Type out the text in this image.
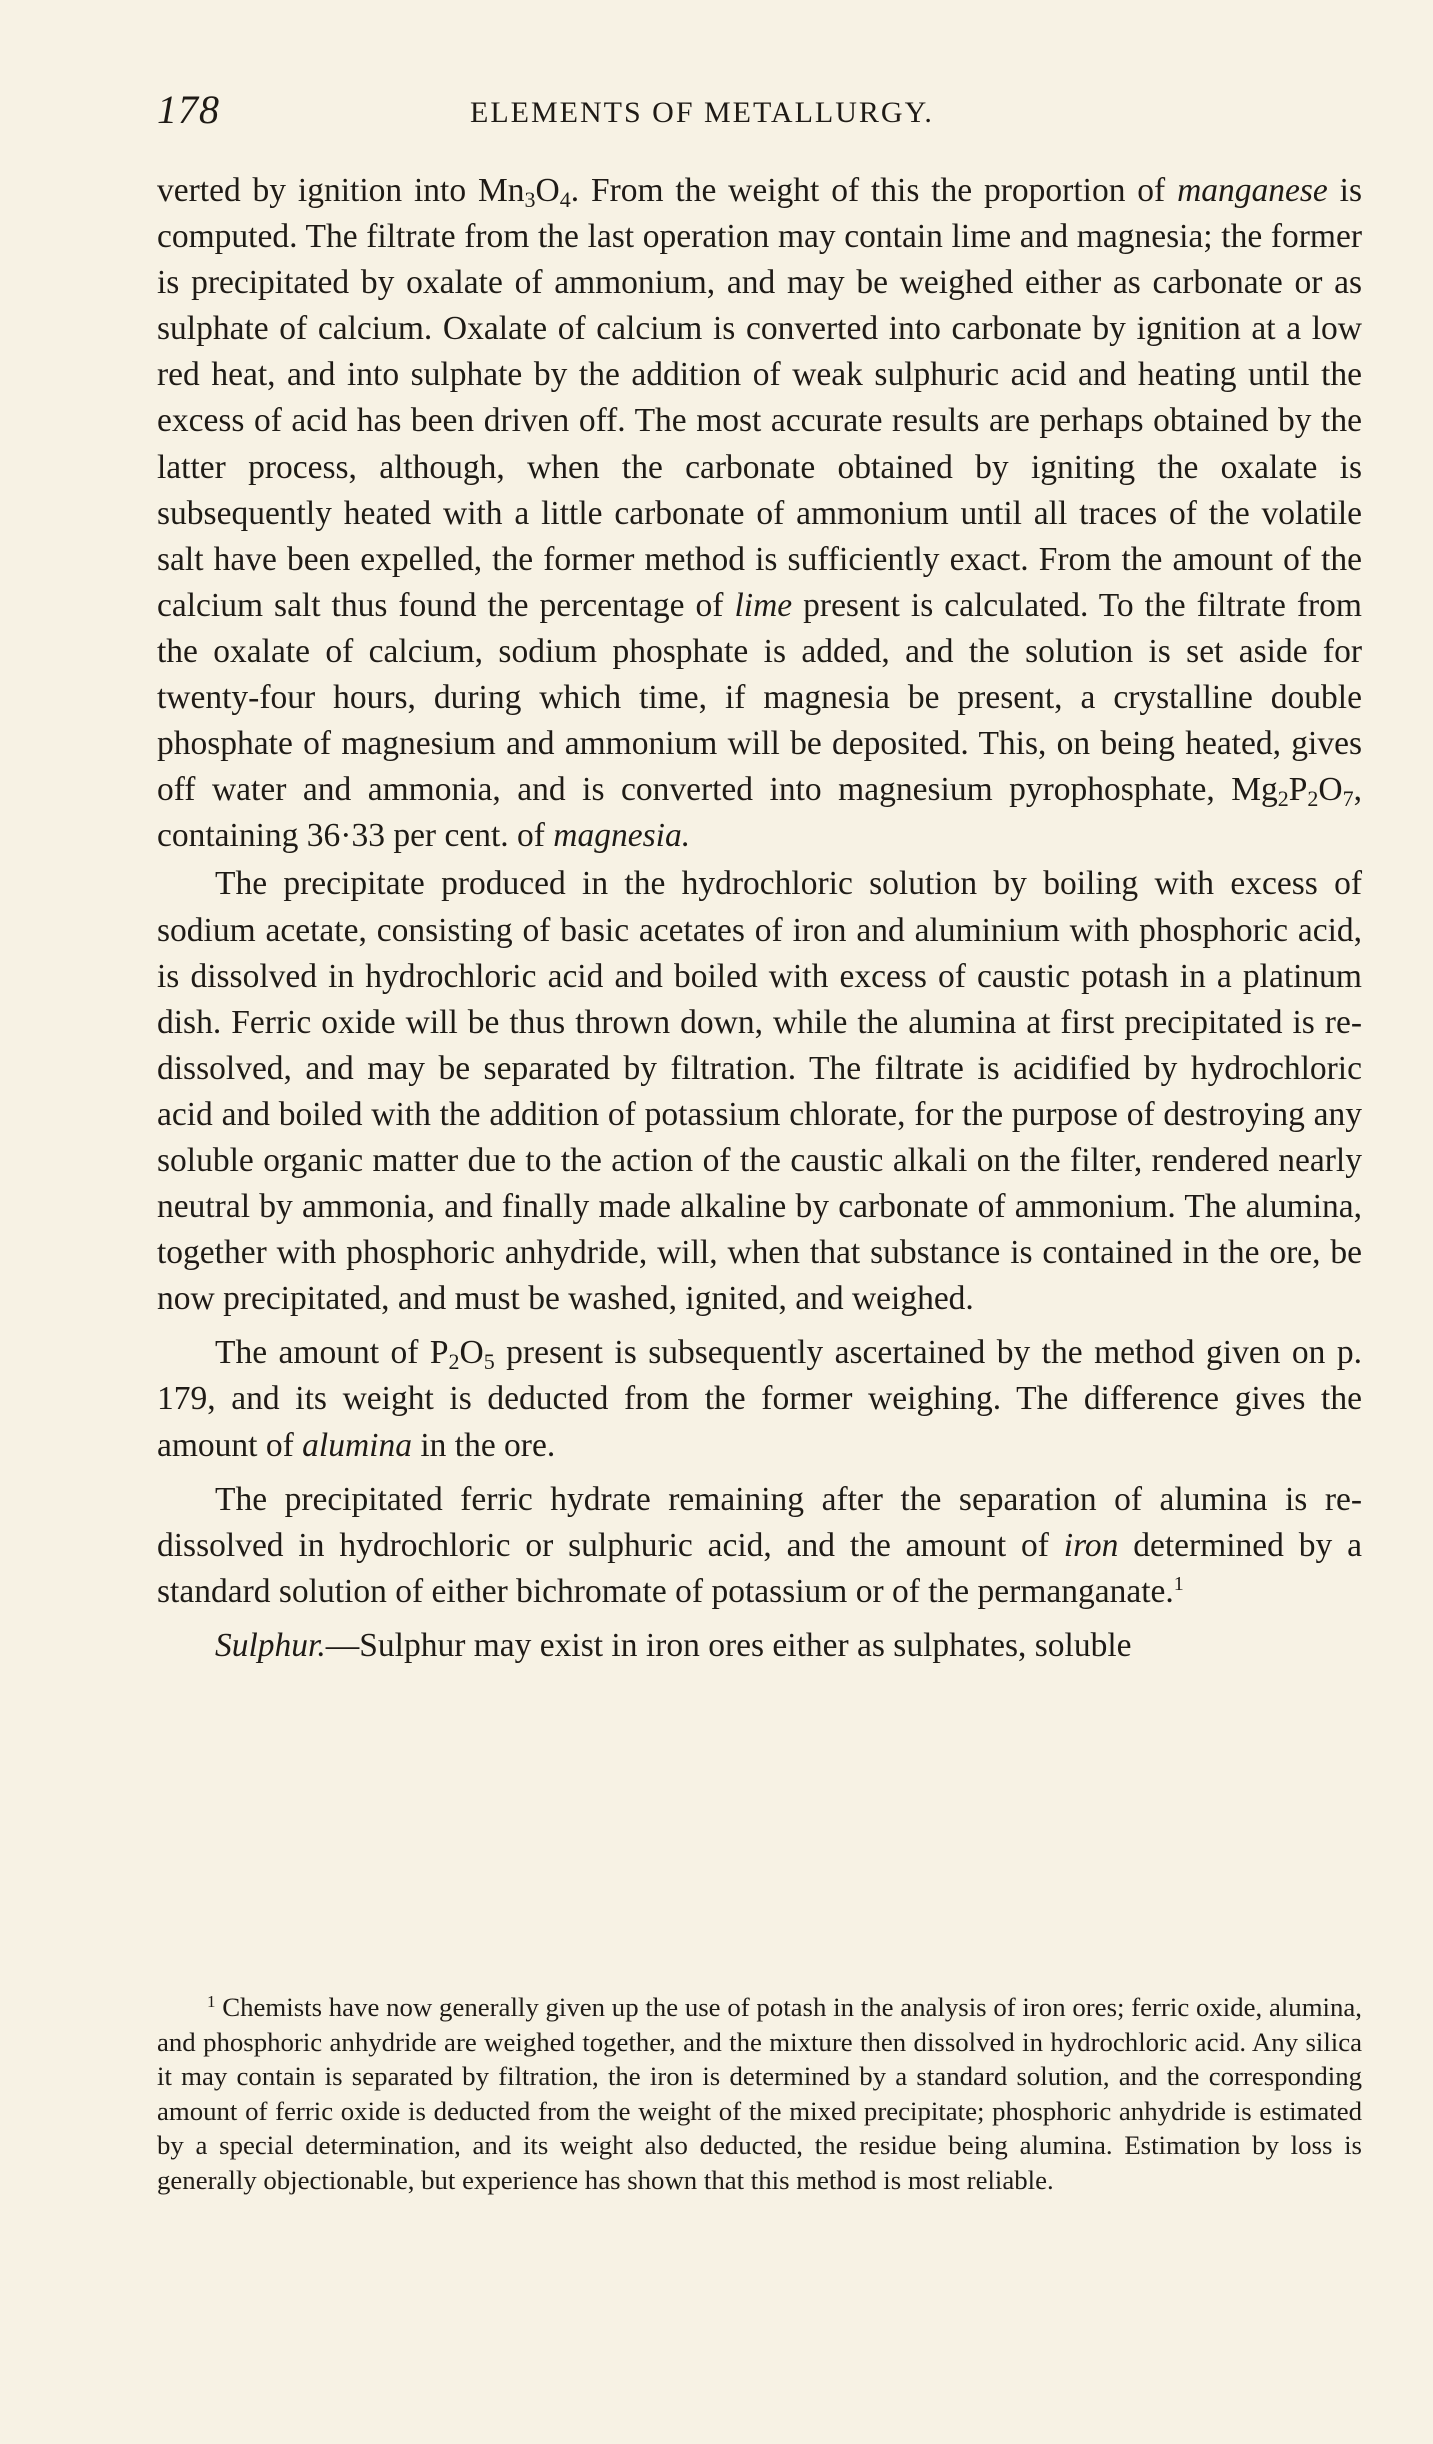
178	ELEMENTS OF METALLURGY.

verted by ignition into $Mn_3O_4$. From the weight of this the proportion of manganese is computed. The filtrate from the last operation may contain lime and magnesia; the former is precipitated by oxalate of ammonium, and may be weighed either as carbonate or as sulphate of calcium. Oxalate of calcium is converted into carbonate by ignition at a low red heat, and into sulphate by the addition of weak sulphuric acid and heating until the excess of acid has been driven off. The most accurate results are perhaps obtained by the latter process, although, when the carbonate obtained by igniting the oxalate is subsequently heated with a little carbonate of ammonium until all traces of the volatile salt have been expelled, the former method is sufficiently exact. From the amount of the calcium salt thus found the percentage of lime present is calculated. To the filtrate from the oxalate of calcium, sodium phosphate is added, and the solution is set aside for twenty-four hours, during which time, if magnesia be present, a crystalline double phosphate of magnesium and ammonium will be deposited. This, on being heated, gives off water and ammonia, and is converted into magnesium pyrophosphate, $Mg_2P_2O_7$, containing 36·33 per cent. of magnesia.

The precipitate produced in the hydrochloric solution by boiling with excess of sodium acetate, consisting of basic acetates of iron and aluminium with phosphoric acid, is dissolved in hydrochloric acid and boiled with excess of caustic potash in a platinum dish. Ferric oxide will be thus thrown down, while the alumina at first precipitated is re-dissolved, and may be separated by filtration. The filtrate is acidified by hydrochloric acid and boiled with the addition of potassium chlorate, for the purpose of destroying any soluble organic matter due to the action of the caustic alkali on the filter, rendered nearly neutral by ammonia, and finally made alkaline by carbonate of ammonium. The alumina, together with phosphoric anhydride, will, when that substance is contained in the ore, be now precipitated, and must be washed, ignited, and weighed.

The amount of $P_2O_5$ present is subsequently ascertained by the method given on p. 179, and its weight is deducted from the former weighing. The difference gives the amount of alumina in the ore.

The precipitated ferric hydrate remaining after the separation of alumina is re-dissolved in hydrochloric or sulphuric acid, and the amount of iron determined by a standard solution of either bichromate of potassium or of the permanganate.$^1$

Sulphur.—Sulphur may exist in iron ores either as sulphates, soluble

$^1$ Chemists have now generally given up the use of potash in the analysis of iron ores; ferric oxide, alumina, and phosphoric anhydride are weighed together, and the mixture then dissolved in hydrochloric acid. Any silica it may contain is separated by filtration, the iron is determined by a standard solution, and the corresponding amount of ferric oxide is deducted from the weight of the mixed precipitate; phosphoric anhydride is estimated by a special determination, and its weight also deducted, the residue being alumina. Estimation by loss is generally objectionable, but experience has shown that this method is most reliable.
